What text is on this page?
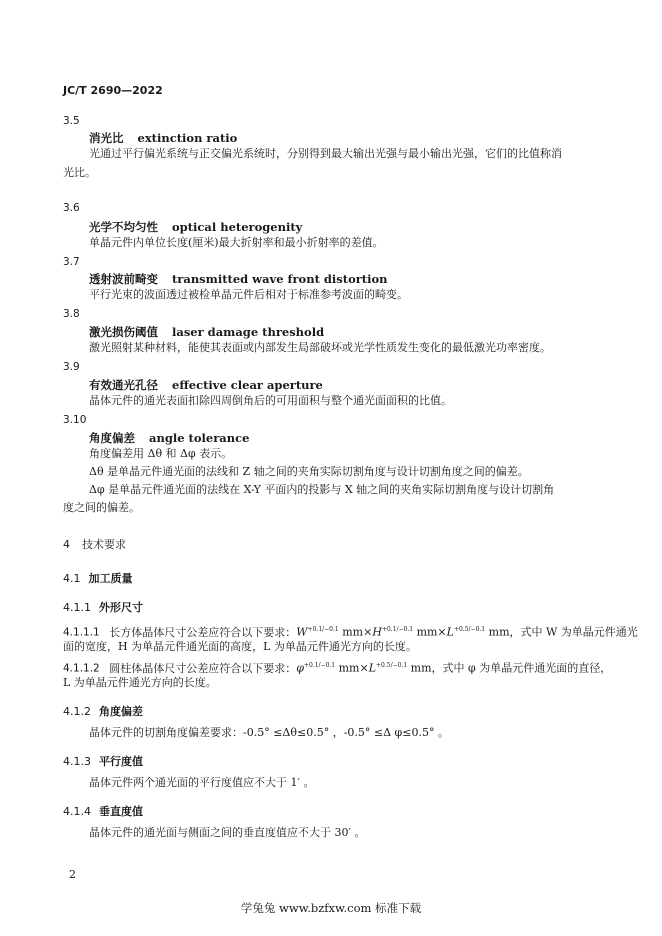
JC/T 2690—2022
3.5
消光比 extinction ratio
光通过平行偏光系统与正交偏光系统时，分别得到最大输出光强与最小输出光强，它们的比值称消
光比。
3.6
光学不均匀性 optical heterogenity
单晶元件内单位长度(厘米)最大折射率和最小折射率的差值。
3.7
透射波前畸变 transmitted wave front distortion
平行光束的波面透过被检单晶元件后相对于标准参考波面的畸变。
3.8
激光损伤阈值 laser damage threshold
激光照射某种材料，能使其表面或内部发生局部破坏或光学性质发生变化的最低激光功率密度。
3.9
有效通光孔径 effective clear aperture
晶体元件的通光表面扣除四周倒角后的可用面积与整个通光面面积的比值。
3.10
角度偏差 angle tolerance
角度偏差用 Δθ 和 Δφ 表示。
Δθ 是单晶元件通光面的法线和 Z 轴之间的夹角实际切割角度与设计切割角度之间的偏差。
Δφ 是单晶元件通光面的法线在 X-Y 平面内的投影与 X 轴之间的夹角实际切割角度与设计切割角
度之间的偏差。
4 技术要求
4.1 加工质量
4.1.1 外形尺寸
4.1.1.1 长方体晶体尺寸公差应符合以下要求：$W^{+0.1/-0.1}$ $mm\times H^{+0.1/-0.1}$ $mm\times L^{+0.5/-0.1}$ mm，式中 W 为单晶元件通光
面的宽度，H 为单晶元件通光面的高度，L 为单晶元件通光方向的长度。
4.1.1.2 圆柱体晶体尺寸公差应符合以下要求：$\varphi^{+0.1/-0.1}$ $mm\times L^{+0.5/-0.1}$ mm，式中 φ 为单晶元件通光面的直径，
L 为单晶元件通光方向的长度。
4.1.2 角度偏差
晶体元件的切割角度偏差要求：-0.5° ≤Δθ≤0.5° ，-0.5° ≤Δ φ≤0.5° 。
4.1.3 平行度值
晶体元件两个通光面的平行度值应不大于 1′ 。
4.1.4 垂直度值
晶体元件的通光面与侧面之间的垂直度值应不大于 30′ 。
2
学兔兔 www.bzfxw.com 标准下载
